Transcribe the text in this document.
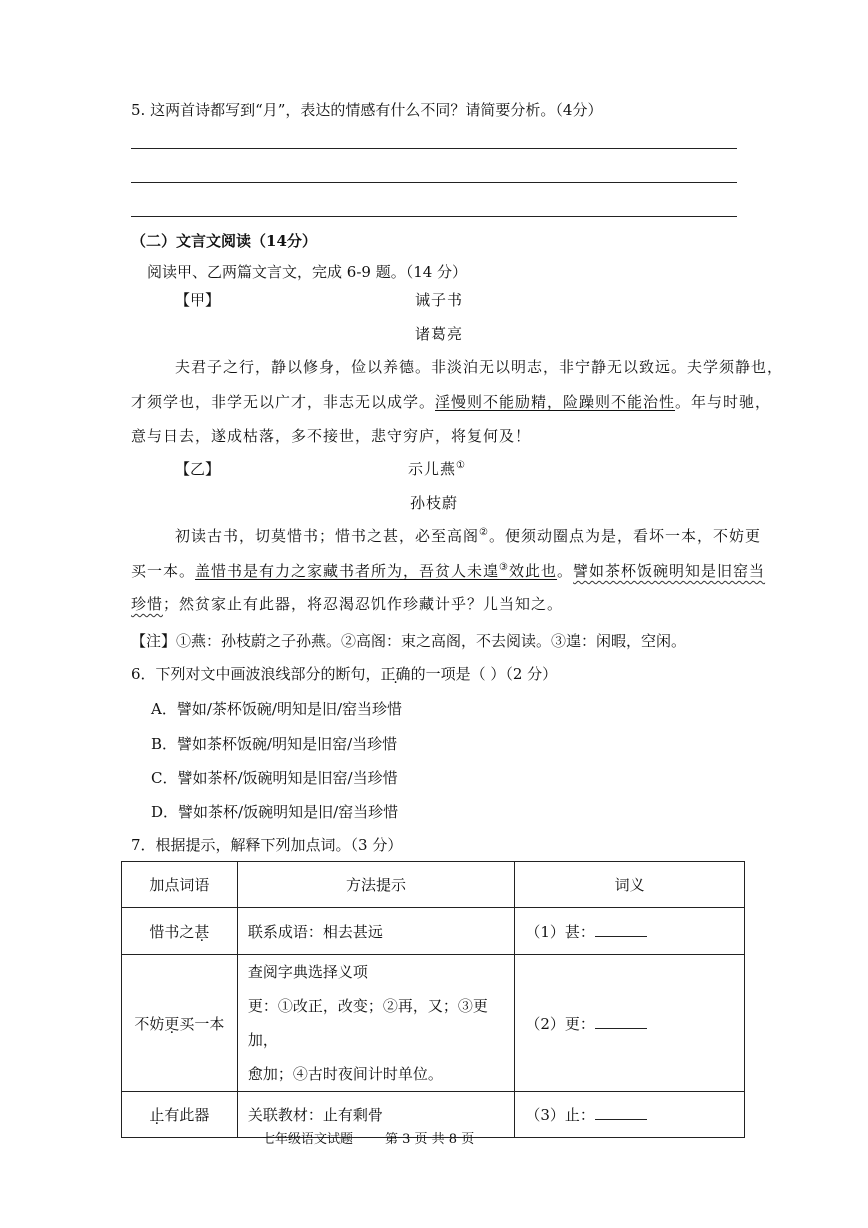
5. 这两首诗都写到“月”，表达的情感有什么不同？请简要分析。（4分）
（二）文言文阅读（14分）
阅读甲、乙两篇文言文，完成 6-9 题。（14 分）
【甲】	诫子书
诸葛亮
夫君子之行，静以修身，俭以养德。非淡泊无以明志，非宁静无以致远。夫学须静也，
才须学也，非学无以广才，非志无以成学。淫慢则不能励精，险躁则不能治性。年与时驰，
意与日去，遂成枯落，多不接世，悲守穷庐，将复何及！
【乙】	示儿燕①
孙枝蔚
初读古书，切莫惜书；惜书之甚，必至高阁②。便须动圈点为是，看坏一本，不妨更
买一本。盖惜书是有力之家藏书者所为，吾贫人未遑③效此也。譬如茶杯饭碗明知是旧窑当
珍惜；然贫家止有此器，将忍渴忍饥作珍藏计乎？儿当知之。
【注】①燕：孙枝蔚之子孙燕。②高阁：束之高阁，不去阅读。③遑：闲暇，空闲。
6．下列对文中画波浪线部分的断句，正确的一项是（ ）（2 分）
A．譬如/茶杯饭碗/明知是旧/窑当珍惜
B．譬如茶杯饭碗/明知是旧窑/当珍惜
C．譬如茶杯/饭碗明知是旧窑/当珍惜
D．譬如茶杯/饭碗明知是旧/窑当珍惜
7．根据提示，解释下列加点词。（3 分）
加点词语	方法提示	词义
惜书之甚	联系成语：相去甚远	（1）甚：
不妨更买一本	查阅字典选择义项
更：①改正，改变；②再，又；③更加，
愈加；④古时夜间计时单位。	（2）更：
止有此器	关联教材：止有剩骨	（3）止：
七年级语文试题 第 3 页 共 8 页
